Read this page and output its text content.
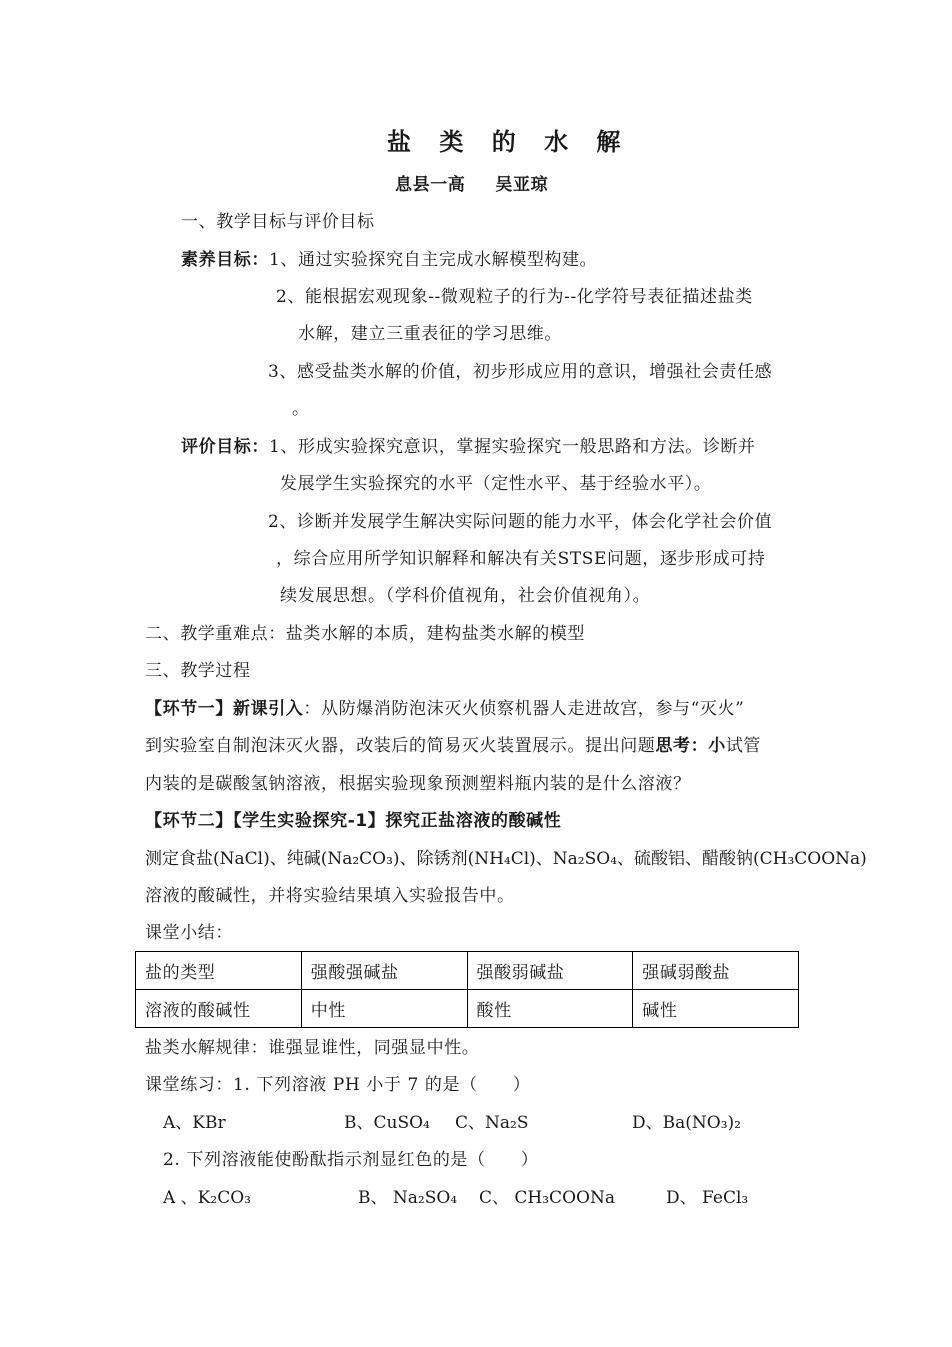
盐 类 的 水 解
息县一高 吴亚琼
一、教学目标与评价目标
素养目标：1、通过实验探究自主完成水解模型构建。
2、能根据宏观现象--微观粒子的行为--化学符号表征描述盐类
水解，建立三重表征的学习思维。
3、感受盐类水解的价值，初步形成应用的意识，增强社会责任感
。
评价目标：1、形成实验探究意识，掌握实验探究一般思路和方法。诊断并
发展学生实验探究的水平（定性水平、基于经验水平）。
2、诊断并发展学生解决实际问题的能力水平，体会化学社会价值
，综合应用所学知识解释和解决有关STSE问题，逐步形成可持
续发展思想。（学科价值视角，社会价值视角）。
二、教学重难点：盐类水解的本质，建构盐类水解的模型
三、教学过程
【环节一】新课引入：从防爆消防泡沫灭火侦察机器人走进故宫，参与“灭火”
到实验室自制泡沫灭火器，改装后的简易灭火装置展示。提出问题思考：小试管
内装的是碳酸氢钠溶液，根据实验现象预测塑料瓶内装的是什么溶液？
【环节二】【学生实验探究-1】探究正盐溶液的酸碱性
测定食盐(NaCl)、纯碱(Na₂CO₃)、除锈剂(NH₄Cl)、Na₂SO₄、硫酸铝、醋酸钠(CH₃COONa)
溶液的酸碱性，并将实验结果填入实验报告中。
课堂小结：
盐的类型	强酸强碱盐	强酸弱碱盐	强碱弱酸盐
溶液的酸碱性	中性	酸性	碱性
盐类水解规律：谁强显谁性，同强显中性。
课堂练习：1. 下列溶液 PH 小于 7 的是（　　）
A、KBr	B、CuSO₄ C、Na₂S	D、Ba(NO₃)₂
2. 下列溶液能使酚酞指示剂显红色的是（　　）
A 、K₂CO₃	B、 Na₂SO₄ C、 CH₃COONa	D、 FeCl₃
